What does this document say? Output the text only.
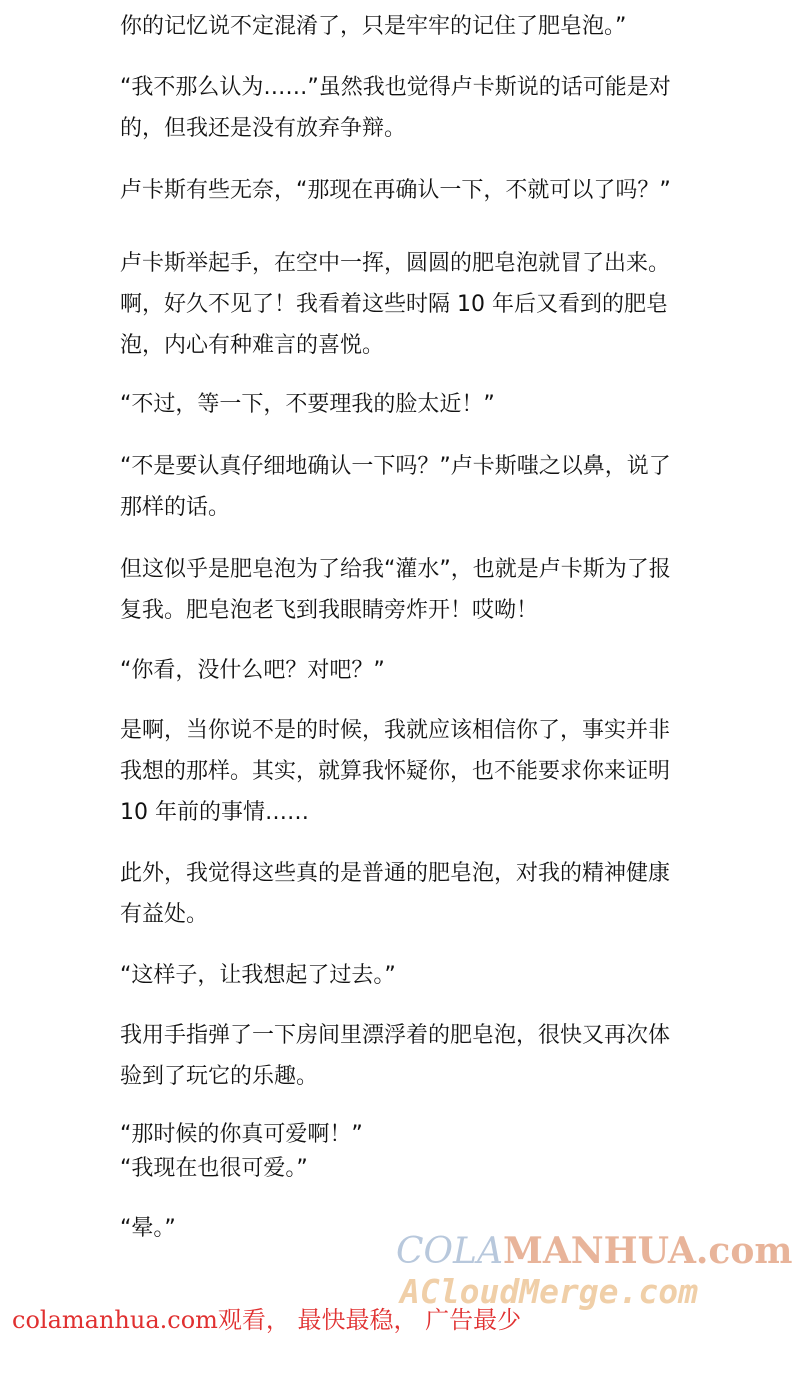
你的记忆说不定混淆了，只是牢牢的记住了肥皂泡。”

“我不那么认为……”虽然我也觉得卢卡斯说的话可能是对的，但我还是没有放弃争辩。

卢卡斯有些无奈，“那现在再确认一下，不就可以了吗？”

卢卡斯举起手，在空中一挥，圆圆的肥皂泡就冒了出来。啊，好久不见了！我看着这些时隔 10 年后又看到的肥皂泡，内心有种难言的喜悦。

“不过，等一下，不要理我的脸太近！”

“不是要认真仔细地确认一下吗？”卢卡斯嗤之以鼻，说了那样的话。

但这似乎是肥皂泡为了给我“灌水”，也就是卢卡斯为了报复我。肥皂泡老飞到我眼睛旁炸开！哎呦！

“你看，没什么吧？对吧？”

是啊，当你说不是的时候，我就应该相信你了，事实并非我想的那样。其实，就算我怀疑你，也不能要求你来证明 10 年前的事情……

此外，我觉得这些真的是普通的肥皂泡，对我的精神健康有益处。

“这样子，让我想起了过去。”

我用手指弹了一下房间里漂浮着的肥皂泡，很快又再次体验到了玩它的乐趣。

“那时候的你真可爱啊！”

“我现在也很可爱。”

“晕。”

COLAMANHUA.com
ACloudMerge.com
colamanhua.com观看， 最快最稳， 广告最少
